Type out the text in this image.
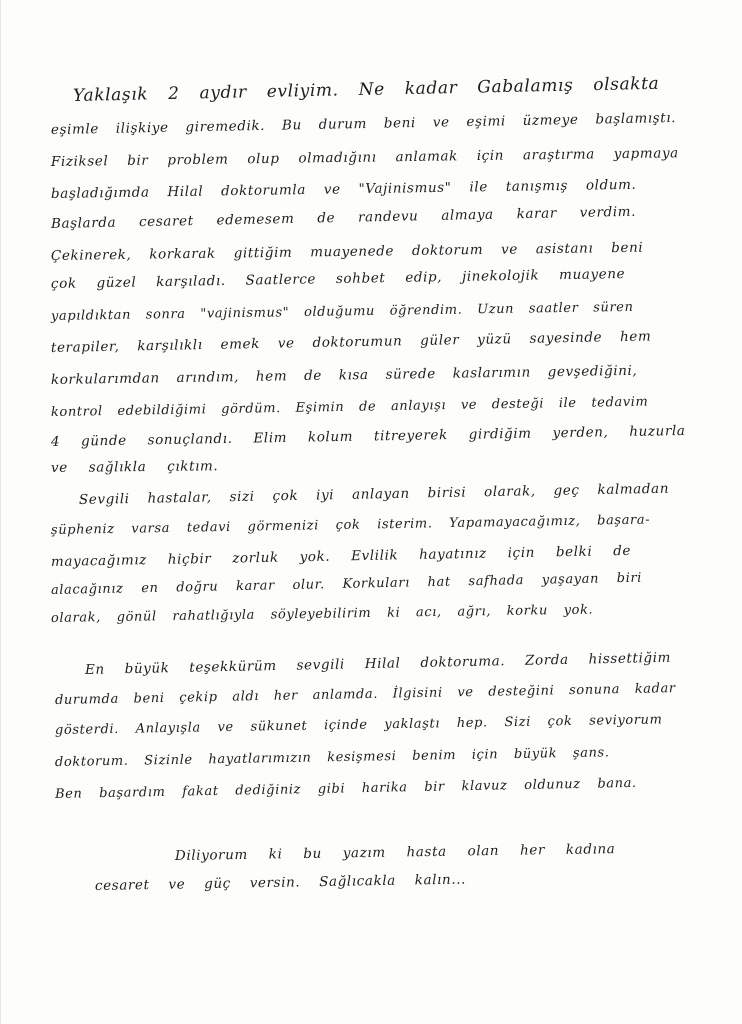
Yaklaşık 2 aydır evliyim. Ne kadar Gabalamış olsakta
eşimle ilişkiye giremedik. Bu durum beni ve eşimi üzmeye başlamıştı.
Fiziksel bir problem olup olmadığını anlamak için araştırma yapmaya
başladığımda Hilal doktorumla ve "Vajinismus" ile tanışmış oldum.
Başlarda cesaret edemesem de randevu almaya karar verdim.
Çekinerek, korkarak gittiğim muayenede doktorum ve asistanı beni
çok güzel karşıladı. Saatlerce sohbet edip, jinekolojik muayene
yapıldıktan sonra "vajinismus" olduğumu öğrendim. Uzun saatler süren
terapiler, karşılıklı emek ve doktorumun güler yüzü sayesinde hem
korkularımdan arındım, hem de kısa sürede kaslarımın gevşediğini,
kontrol edebildiğimi gördüm. Eşimin de anlayışı ve desteği ile tedavim
4 günde sonuçlandı. Elim kolum titreyerek girdiğim yerden, huzurla
ve sağlıkla çıktım.
Sevgili hastalar, sizi çok iyi anlayan birisi olarak, geç kalmadan
şüpheniz varsa tedavi görmenizi çok isterim. Yapamayacağımız, başara-
mayacağımız hiçbir zorluk yok. Evlilik hayatınız için belki de
alacağınız en doğru karar olur. Korkuları hat safhada yaşayan biri
olarak, gönül rahatlığıyla söyleyebilirim ki acı, ağrı, korku yok.
En büyük teşekkürüm sevgili Hilal doktoruma. Zorda hissettiğim
durumda beni çekip aldı her anlamda. İlgisini ve desteğini sonuna kadar
gösterdi. Anlayışla ve sükunet içinde yaklaştı hep. Sizi çok seviyorum
doktorum. Sizinle hayatlarımızın kesişmesi benim için büyük şans.
Ben başardım fakat dediğiniz gibi harika bir klavuz oldunuz bana.
Diliyorum ki bu yazım hasta olan her kadına
cesaret ve güç versin. Sağlıcakla kalın...
